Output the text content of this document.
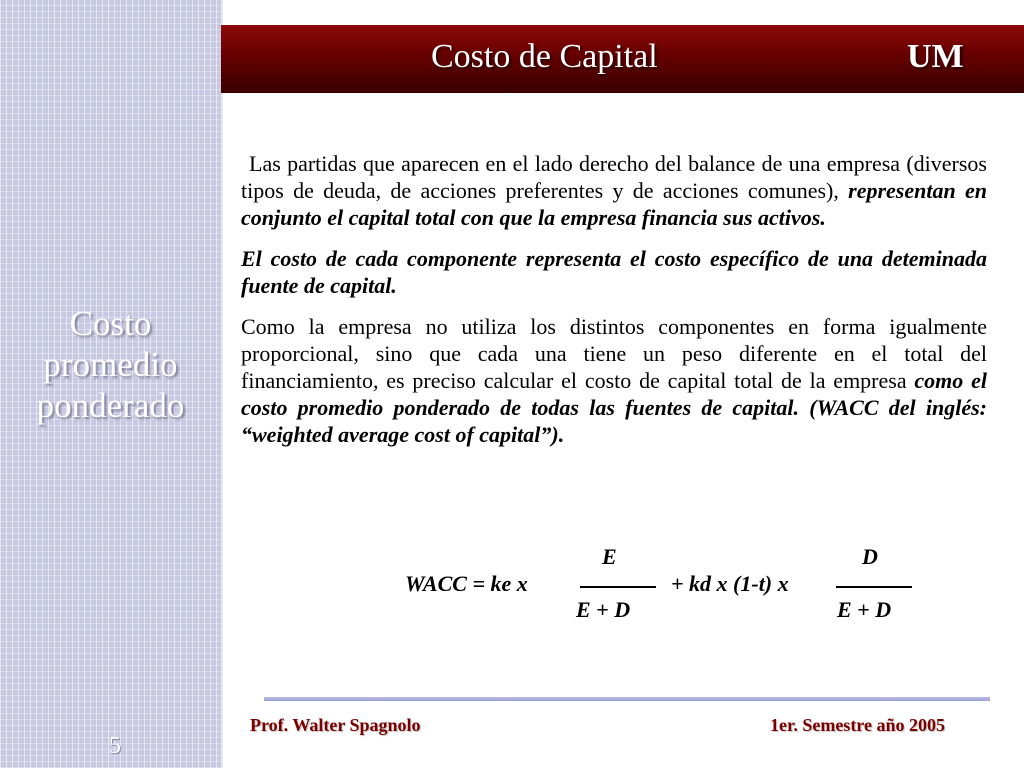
Costo
promedio
ponderado
5
Costo de Capital	UM

Las partidas que aparecen en el lado derecho del balance de una empresa (diversos tipos de deuda, de acciones preferentes y de acciones comunes), representan en conjunto el capital total con que la empresa financia sus activos.

El costo de cada componente representa el costo específico de una deteminada fuente de capital.

Como la empresa no utiliza los distintos componentes en forma igualmente proporcional, sino que cada una tiene un peso diferente en el total del financiamiento, es preciso calcular el costo de capital total de la empresa como el costo promedio ponderado de todas las fuentes de capital. (WACC del inglés: “weighted average cost of capital”).

WACC = ke x
E
E + D
+ kd x (1-t) x
D
E + D
Prof. Walter Spagnolo	1er. Semestre año 2005
